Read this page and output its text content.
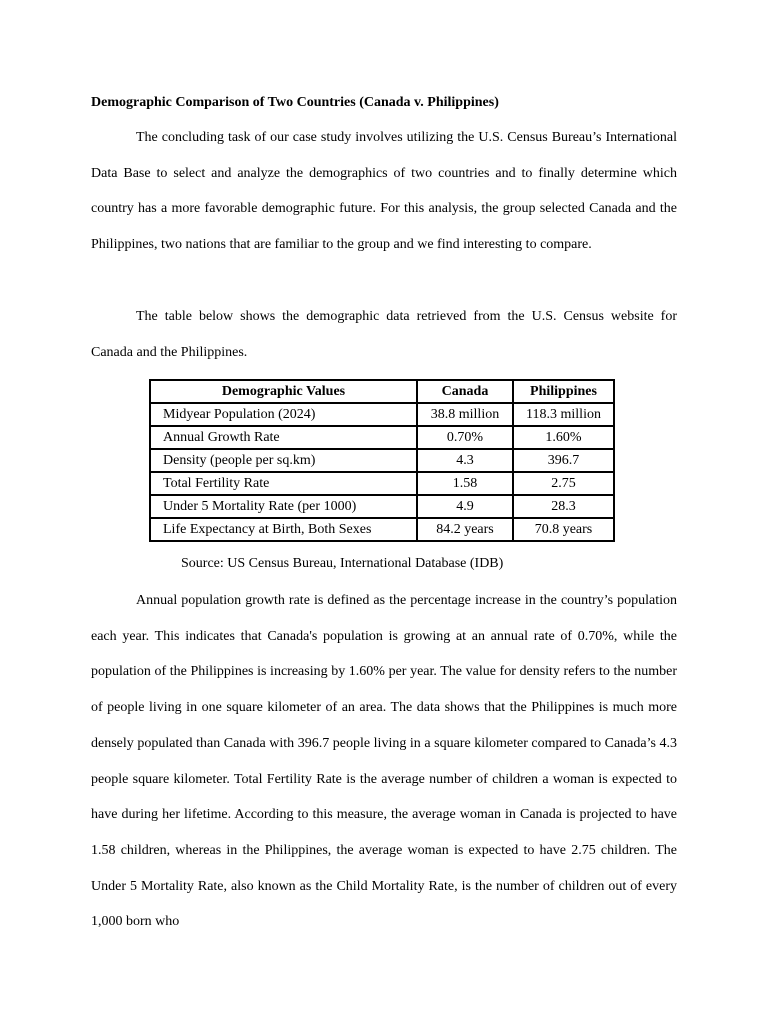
Demographic Comparison of Two Countries (Canada v. Philippines)

The concluding task of our case study involves utilizing the U.S. Census Bureau’s International Data Base to select and analyze the demographics of two countries and to finally determine which country has a more favorable demographic future. For this analysis, the group selected Canada and the Philippines, two nations that are familiar to the group and we find interesting to compare.

The table below shows the demographic data retrieved from the U.S. Census website for Canada and the Philippines.

Demographic Values	Canada	Philippines
Midyear Population (2024)	38.8 million	118.3 million
Annual Growth Rate	0.70%	1.60%
Density (people per sq.km)	4.3	396.7
Total Fertility Rate	1.58	2.75
Under 5 Mortality Rate (per 1000)	4.9	28.3
Life Expectancy at Birth, Both Sexes	84.2 years	70.8 years
Source: US Census Bureau, International Database (IDB)

Annual population growth rate is defined as the percentage increase in the country’s population each year. This indicates that Canada's population is growing at an annual rate of 0.70%, while the population of the Philippines is increasing by 1.60% per year. The value for density refers to the number of people living in one square kilometer of an area. The data shows that the Philippines is much more densely populated than Canada with 396.7 people living in a square kilometer compared to Canada’s 4.3 people square kilometer. Total Fertility Rate is the average number of children a woman is expected to have during her lifetime. According to this measure, the average woman in Canada is projected to have 1.58 children, whereas in the Philippines, the average woman is expected to have 2.75 children. The Under 5 Mortality Rate, also known as the Child Mortality Rate, is the number of children out of every 1,000 born who
